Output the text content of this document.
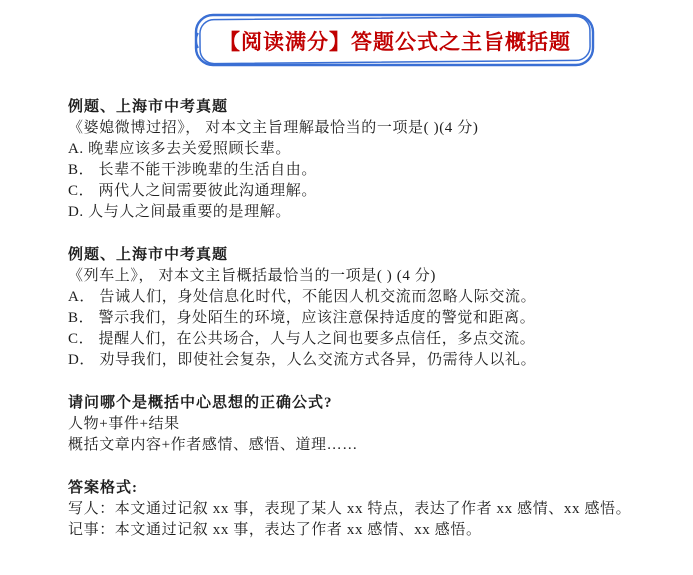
【阅读满分】答题公式之主旨概括题
例题、上海市中考真题
《婆媳微博过招》， 对本文主旨理解最恰当的一项是( )(4 分)
A. 晚辈应该多去关爱照顾长辈。
B． 长辈不能干涉晚辈的生活自由。
C． 两代人之间需要彼此沟通理解。
D. 人与人之间最重要的是理解。
例题、上海市中考真题
《列车上》， 对本文主旨概括最恰当的一项是( ) (4 分)
A． 告诫人们，身处信息化时代，不能因人机交流而忽略人际交流。
B． 警示我们，身处陌生的环境，应该注意保持适度的警觉和距离。
C． 提醒人们，在公共场合，人与人之间也要多点信任，多点交流。
D． 劝导我们，即使社会复杂，人么交流方式各异，仍需待人以礼。
请问哪个是概括中心思想的正确公式?
人物+事件+结果
概括文章内容+作者感情、感悟、道理……
答案格式:
写人：本文通过记叙 xx 事，表现了某人 xx 特点，表达了作者 xx 感情、xx 感悟。
记事：本文通过记叙 xx 事，表达了作者 xx 感情、xx 感悟。
